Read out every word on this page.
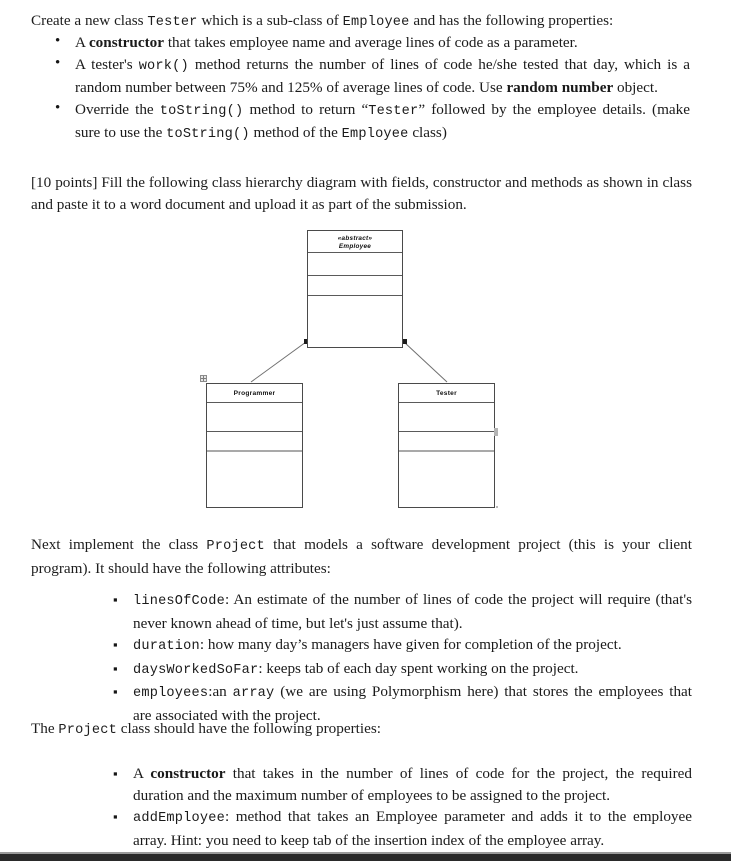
Create a new class Tester which is a sub-class of Employee and has the following properties:
• A constructor that takes employee name and average lines of code as a parameter.
• A tester's work() method returns the number of lines of code he/she tested that day, which is a random number between 75% and 125% of average lines of code. Use random number object.
• Override the toString() method to return “Tester” followed by the employee details. (make sure to use the toString() method of the Employee class)
[10 points] Fill the following class hierarchy diagram with fields, constructor and methods as shown in class and paste it to a word document and upload it as part of the submission.
«abstract»
Employee
Programmer	Tester
Next implement the class Project that models a software development project (this is your client program). It should have the following attributes:
▪ linesOfCode: An estimate of the number of lines of code the project will require (that's never known ahead of time, but let's just assume that).
▪ duration: how many day’s managers have given for completion of the project.
▪ daysWorkedSoFar: keeps tab of each day spent working on the project.
▪ employees:an array (we are using Polymorphism here) that stores the employees that are associated with the project.
The Project class should have the following properties:
▪ A constructor that takes in the number of lines of code for the project, the required duration and the maximum number of employees to be assigned to the project.
▪ addEmployee: method that takes an Employee parameter and adds it to the employee array. Hint: you need to keep tab of the insertion index of the employee array.
